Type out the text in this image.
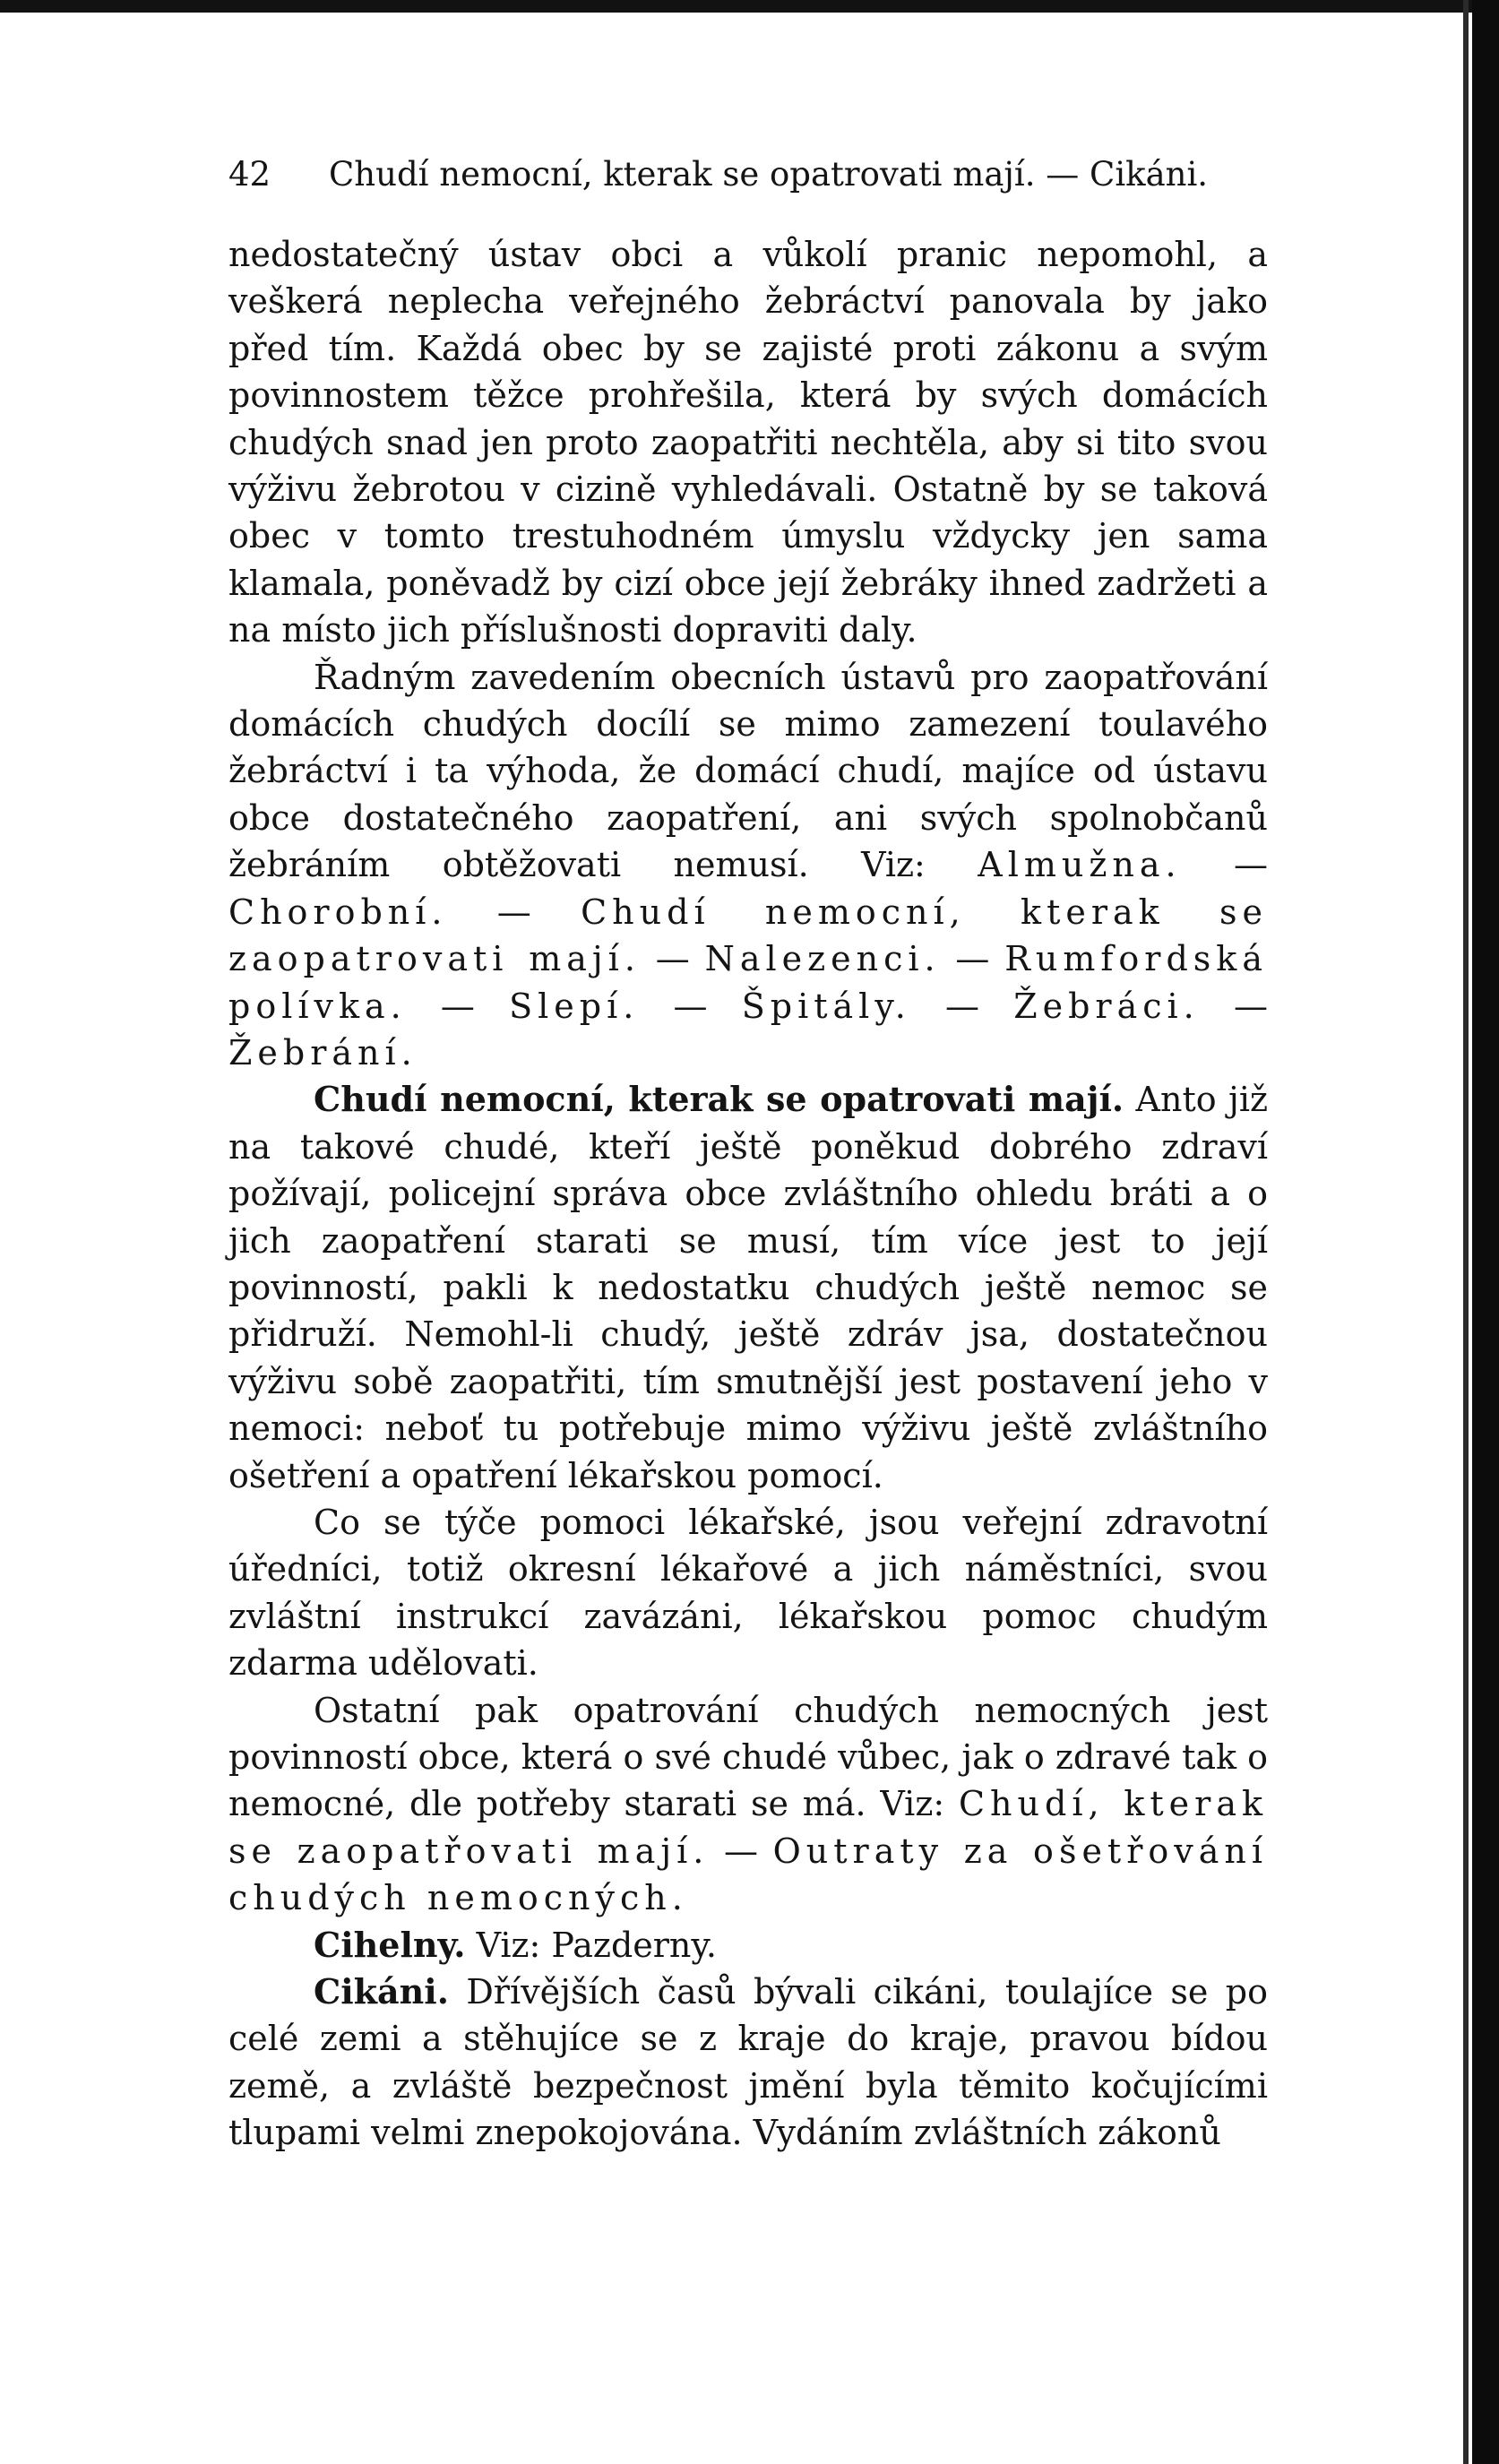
42	Chudí nemocní, kterak se opatrovati mají. — Cikáni.

nedostatečný ústav obci a vůkolí pranic nepomohl, a veškerá neplecha veřejného žebráctví panovala by jako před tím. Každá obec by se zajisté proti zákonu a svým povinnostem těžce prohřešila, která by svých domácích chudých snad jen proto zaopatřiti nechtěla, aby si tito svou výživu žebrotou v cizině vyhledávali. Ostatně by se taková obec v tomto trestuhodném úmyslu vždycky jen sama klamala, poněvadž by cizí obce její žebráky ihned zadržeti a na místo jich příslušnosti dopraviti daly.

Řadným zavedením obecních ústavů pro zaopatřování domácích chudých docílí se mimo zamezení toulavého žebráctví i ta výhoda, že domácí chudí, majíce od ústavu obce dostatečného zaopatření, ani svých spolnobčanů žebráním obtěžovati nemusí. Viz: Almužna. — Chorobní. — Chudí nemocní, kterak se zaopatrovati mají. — Nalezenci. — Rumfordská polívka. — Slepí. — Špitály. — Žebráci. — Žebrání.

Chudí nemocní, kterak se opatrovati mají. Anto již na takové chudé, kteří ještě poněkud dobrého zdraví požívají, policejní správa obce zvláštního ohledu bráti a o jich zaopatření starati se musí, tím více jest to její povinností, pakli k nedostatku chudých ještě nemoc se přidruží. Nemohl-li chudý, ještě zdráv jsa, dostatečnou výživu sobě zaopatřiti, tím smutnější jest postavení jeho v nemoci: neboť tu potřebuje mimo výživu ještě zvláštního ošetření a opatření lékařskou pomocí.

Co se týče pomoci lékařské, jsou veřejní zdravotní úředníci, totiž okresní lékařové a jich náměstníci, svou zvláštní instrukcí zavázáni, lékařskou pomoc chudým zdarma udělovati.

Ostatní pak opatrování chudých nemocných jest povinností obce, která o své chudé vůbec, jak o zdravé tak o nemocné, dle potřeby starati se má. Viz: Chudí, kterak se zaopatřovati mají. — Outraty za ošetřování chudých nemocných.

Cihelny. Viz: Pazderny.

Cikáni. Dřívějších časů bývali cikáni, toulajíce se po celé zemi a stěhujíce se z kraje do kraje, pravou bídou země, a zvláště bezpečnost jmění byla těmito kočujícími tlupami velmi znepokojována. Vydáním zvláštních zákonů
